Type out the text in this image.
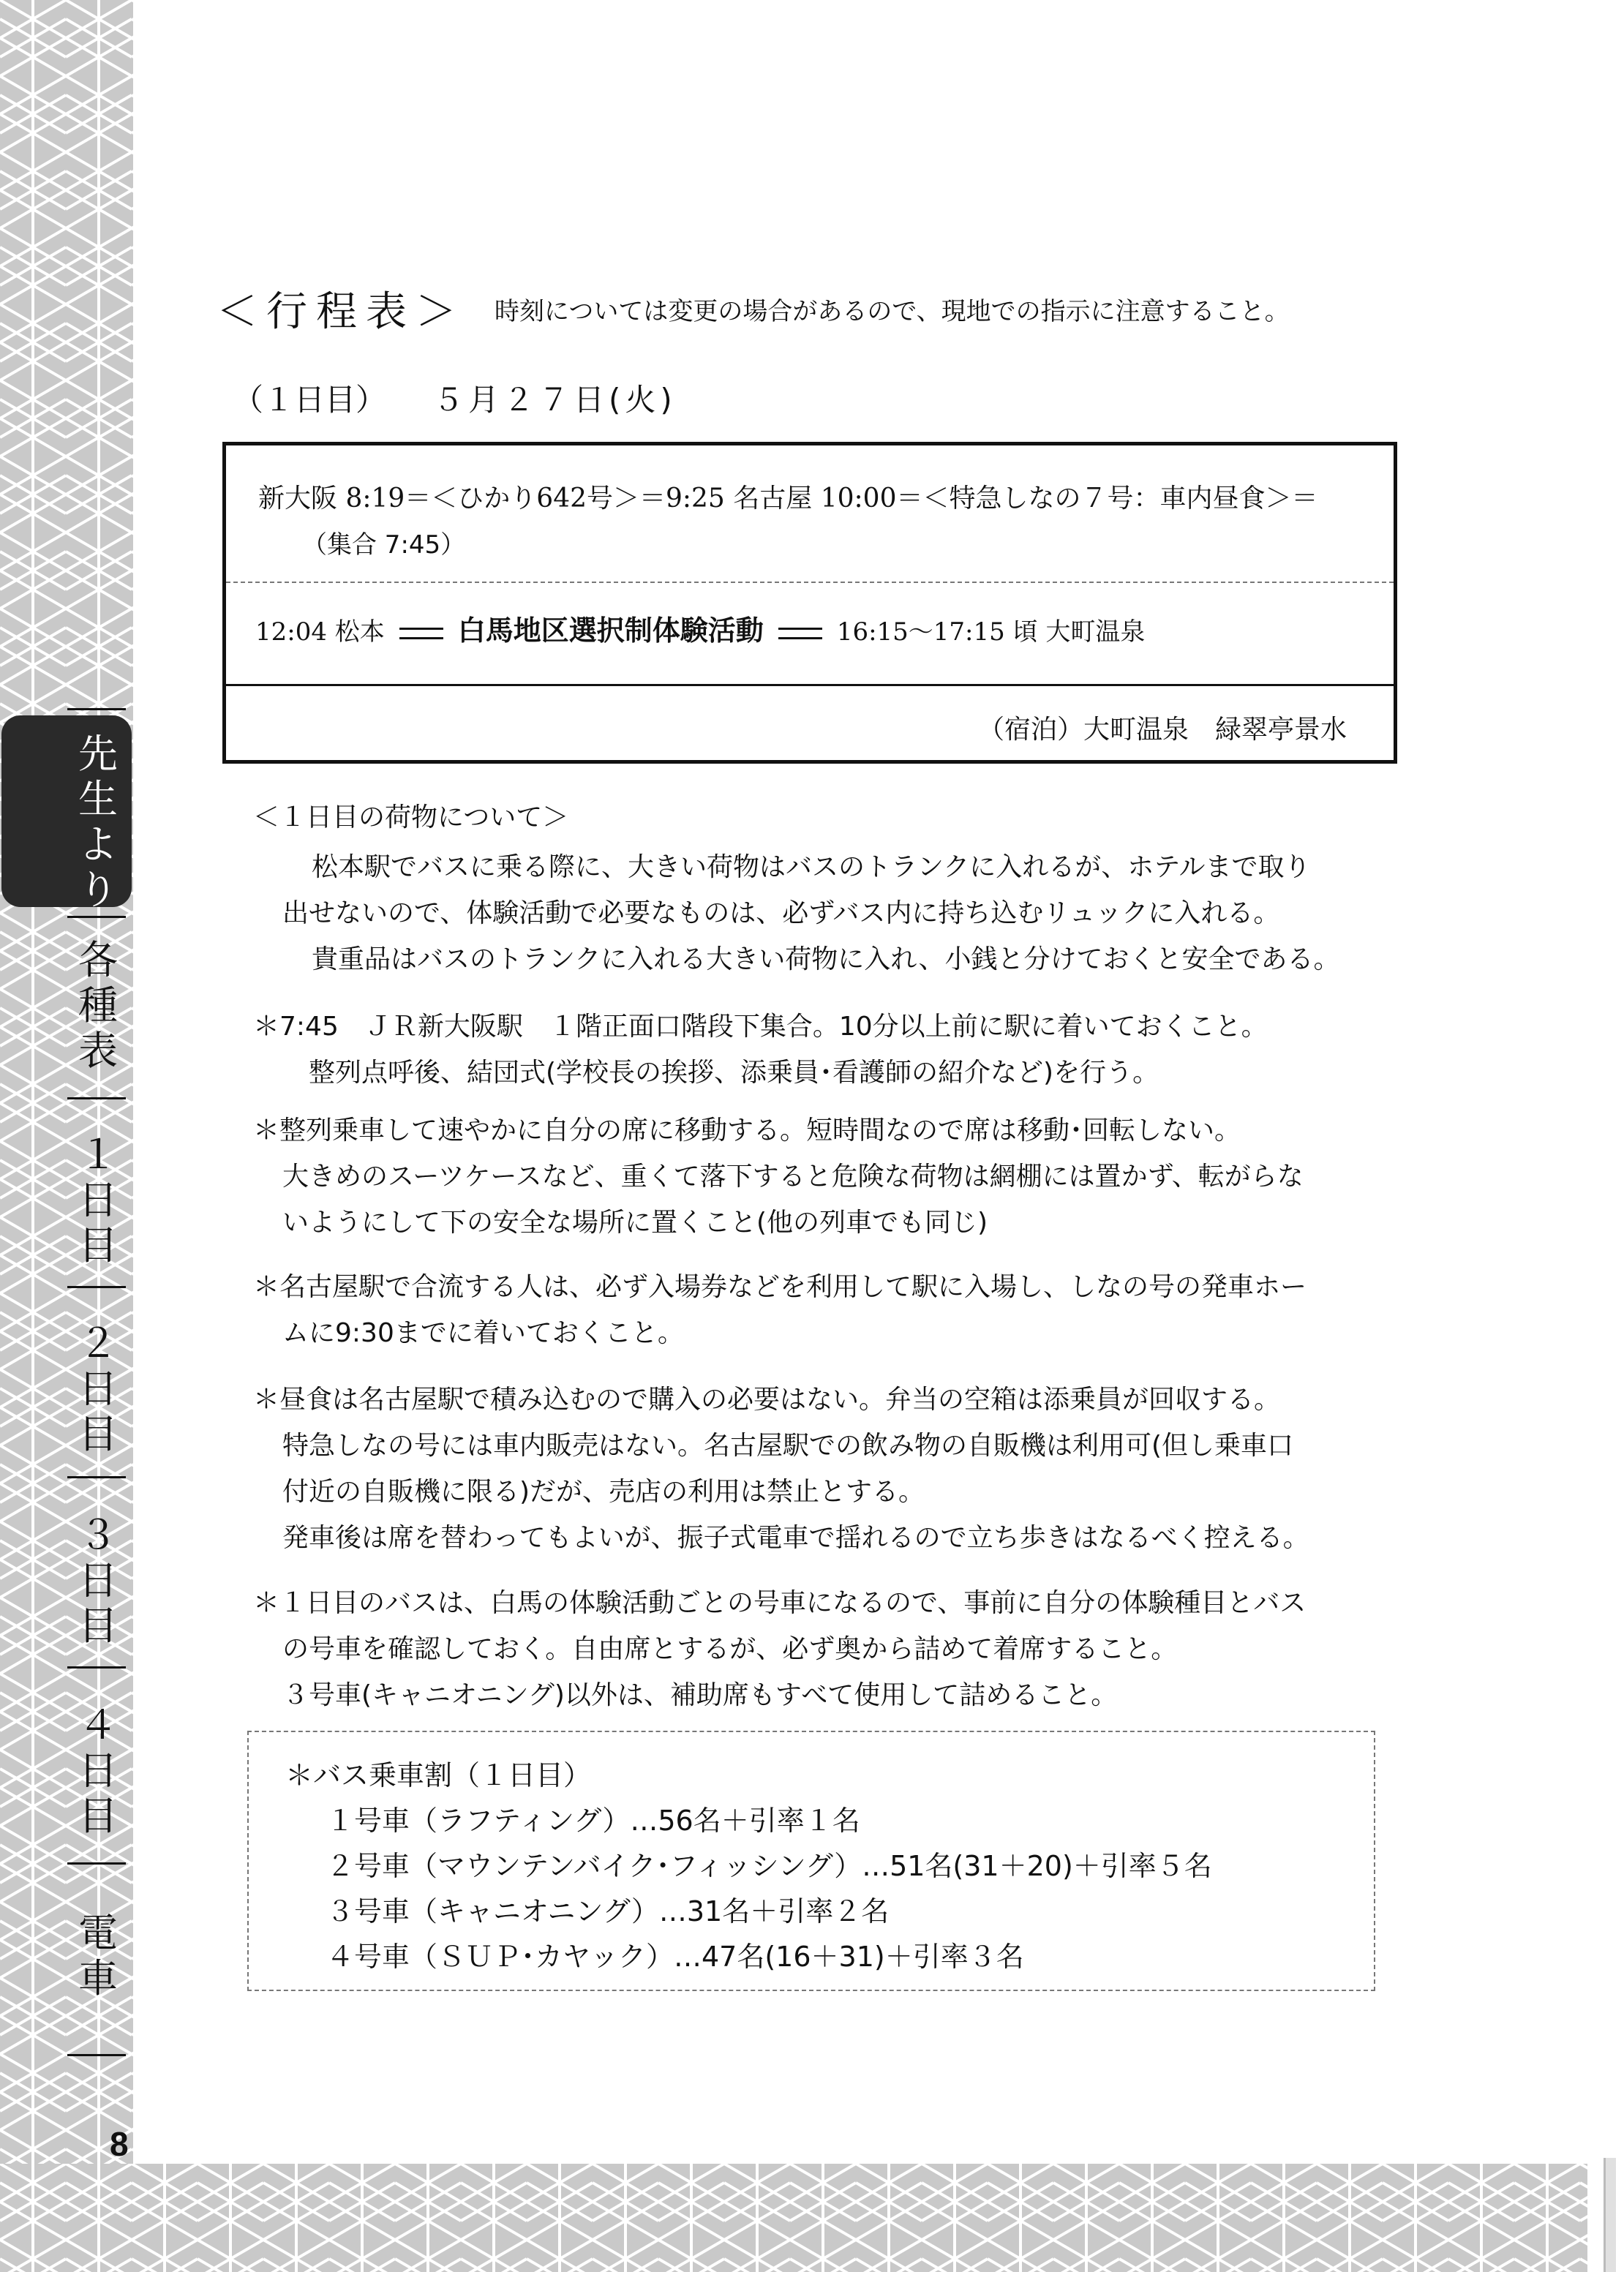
先
生
よ
り
各
種
表
１
日
目
２
日
目
３
日
目
４
日
目
電
車
8
＜行程表＞ 時刻については変更の場合があるので、現地での指示に注意すること。
（１日目） ５月２７日(火)
新大阪 8:19＝＜ひかり642号＞＝9:25 名古屋 10:00＝＜特急しなの７号：車内昼食＞＝
（集合 7:45）
12:04 松本	白馬地区選択制体験活動	16:15～17:15 頃 大町温泉
（宿泊）大町温泉　緑翠亭景水
＜１日目の荷物について＞
松本駅でバスに乗る際に、大きい荷物はバスのトランクに入れるが、ホテルまで取り
出せないので、体験活動で必要なものは、必ずバス内に持ち込むリュックに入れる。
貴重品はバスのトランクに入れる大きい荷物に入れ、小銭と分けておくと安全である。
＊7:45　ＪＲ新大阪駅　１階正面口階段下集合。10分以上前に駅に着いておくこと。
整列点呼後、結団式(学校長の挨拶、添乗員･看護師の紹介など)を行う。
＊整列乗車して速やかに自分の席に移動する。短時間なので席は移動･回転しない。
大きめのスーツケースなど、重くて落下すると危険な荷物は網棚には置かず、転がらな
いようにして下の安全な場所に置くこと(他の列車でも同じ)
＊名古屋駅で合流する人は、必ず入場券などを利用して駅に入場し、しなの号の発車ホー
ムに9:30までに着いておくこと。
＊昼食は名古屋駅で積み込むので購入の必要はない。弁当の空箱は添乗員が回収する。
特急しなの号には車内販売はない。名古屋駅での飲み物の自販機は利用可(但し乗車口
付近の自販機に限る)だが、売店の利用は禁止とする。
発車後は席を替わってもよいが、振子式電車で揺れるので立ち歩きはなるべく控える。
＊１日目のバスは、白馬の体験活動ごとの号車になるので、事前に自分の体験種目とバス
の号車を確認しておく。自由席とするが、必ず奥から詰めて着席すること。
３号車(キャニオニング)以外は、補助席もすべて使用して詰めること。
＊バス乗車割（１日目）
１号車（ラフティング）…56名＋引率１名
２号車（マウンテンバイク･フィッシング）…51名(31＋20)＋引率５名
３号車（キャニオニング）…31名＋引率２名
４号車（ＳＵＰ･カヤック）…47名(16＋31)＋引率３名
